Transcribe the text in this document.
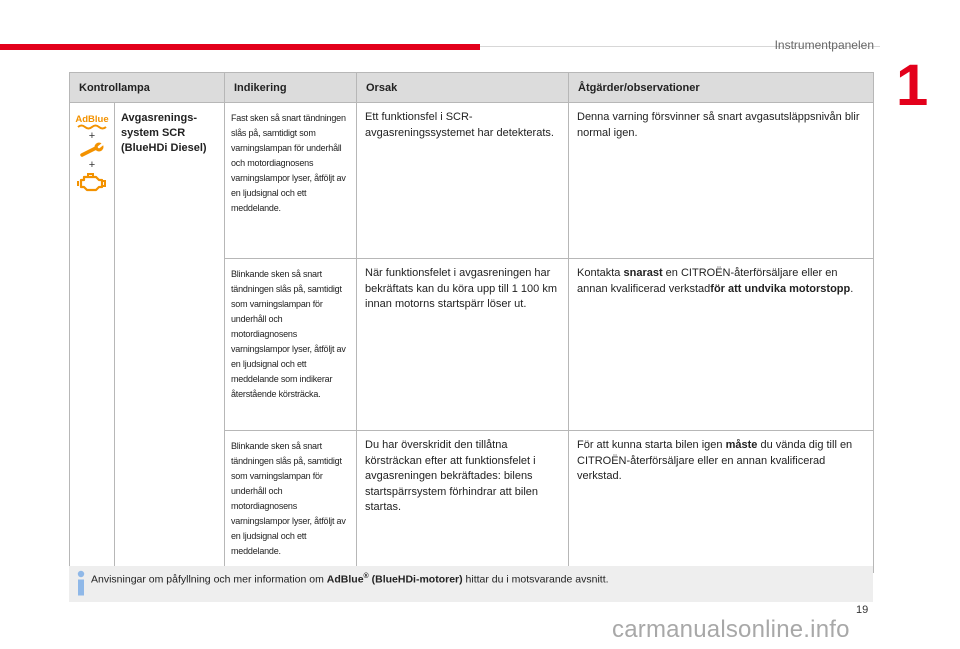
Instrumentpanelen
1
Kontrollampa		Indikering	Orsak	Åtgärder/observationer

AdBlue
+
+	Avgasrenings-system SCR (BlueHDi Diesel)	Fast sken så snart tändningen slås på, samtidigt som varningslampan för underhåll och motordiagnosens varningslampor lyser, åtföljt av en ljudsignal och ett meddelande.	Ett funktionsfel i SCR-avgasreningssystemet har detekterats.	Denna varning försvinner så snart avgasutsläppsnivån blir normal igen.
		Blinkande sken så snart tändningen slås på, samtidigt som varningslampan för underhåll och motordiagnosens varningslampor lyser, åtföljt av en ljudsignal och ett meddelande som indikerar återstående körsträcka.	När funktionsfelet i avgasreningen har bekräftats kan du köra upp till 1 100 km innan motorns startspärr löser ut.	Kontakta snarast en CITROËN-återförsäljare eller en annan kvalificerad verkstadför att undvika motorstopp.
		Blinkande sken så snart tändningen slås på, samtidigt som varningslampan för underhåll och motordiagnosens varningslampor lyser, åtföljt av en ljudsignal och ett meddelande.	Du har överskridit den tillåtna körsträckan efter att funktionsfelet i avgasreningen bekräftades: bilens startspärrsystem förhindrar att bilen startas.	För att kunna starta bilen igen måste du vända dig till en CITROËN-återförsäljare eller en annan kvalificerad verkstad.
Anvisningar om påfyllning och mer information om AdBlue® (BlueHDi-motorer) hittar du i motsvarande avsnitt.
19
carmanualsonline.info
